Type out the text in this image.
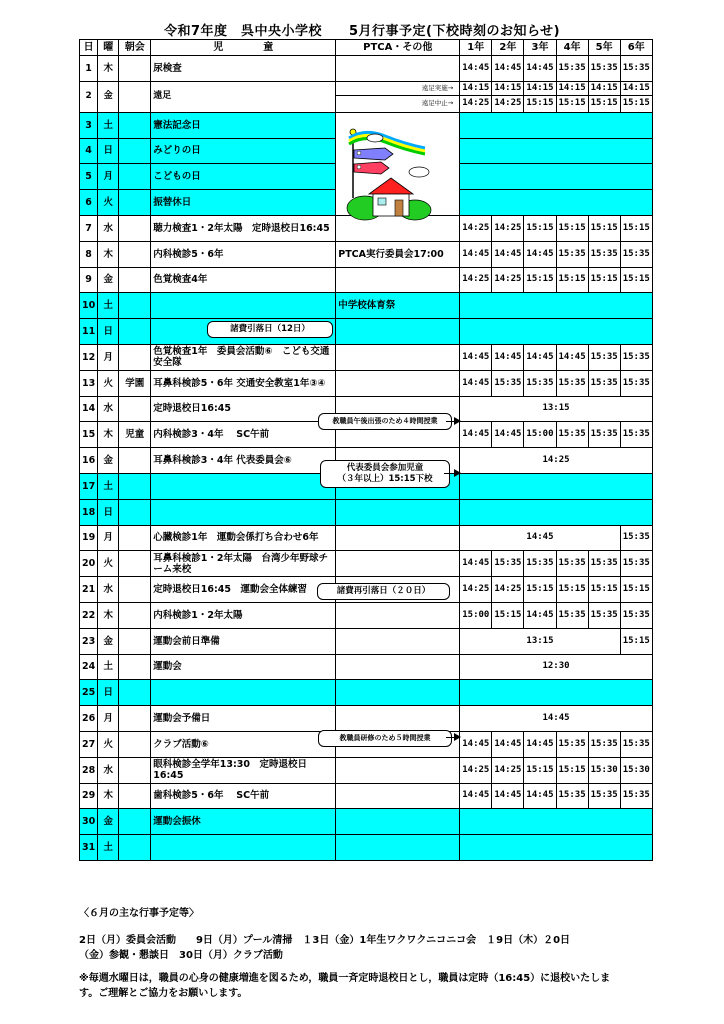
令和7年度　呉中央小学校　　5月行事予定(下校時刻のお知らせ)
日	曜	朝会	児　　　　童	PTCA・その他	1年	2年	3年	4年	5年	6年
1	木		尿検査		14:45	14:45	14:45	15:35	15:35	15:35
2	金		遠足	遠足実施→	14:15	14:15	14:15	14:15	14:15	14:15

				遠足中止→	14:25	14:25	15:15	15:15	15:15	15:15
3	土		憲法記念日							
4	日		みどりの日							
5	月		こどもの日							
6	火		振替休日							
7	水		聴力検査1・2年太陽　定時退校日16:45		14:25	14:25	15:15	15:15	15:15	15:15
8	木		内科検診5・6年	PTCA実行委員会17:00	14:45	14:45	14:45	15:35	15:35	15:35
9	金		色覚検査4年		14:25	14:25	15:15	15:15	15:15	15:15
10	土			中学校体育祭						
11	日									
12	月		色覚検査1年　委員会活動⑥　こども交通安全隊		14:45	14:45	14:45	14:45	15:35	15:35
13	火	学園	耳鼻科検診5・6年 交通安全教室1年③④		14:45	15:35	15:35	15:35	15:35	15:35
14	水		定時退校日16:45		13:15					
15	木	児童	内科検診3・4年　 SC午前		14:45	14:45	15:00	15:35	15:35	15:35
16	金		耳鼻科検診3・4年 代表委員会⑥		14:25					
17	土									
18	日									
19	月		心臓検診1年　運動会係打ち合わせ6年		14:45					15:35
20	火		耳鼻科検診1・2年太陽　台湾少年野球チーム来校		14:45	15:35	15:35	15:35	15:35	15:35
21	水		定時退校日16:45　運動会全体練習		14:25	14:25	15:15	15:15	15:15	15:15
22	木		内科検診1・2年太陽		15:00	15:15	14:45	15:35	15:35	15:35
23	金		運動会前日準備		13:15					15:15
24	土		運動会		12:30					
25	日									
26	月		運動会予備日		14:45					
27	火		クラブ活動⑥		14:45	14:45	14:45	15:35	15:35	15:35
28	水		眼科検診全学年13:30　定時退校日16:45		14:25	14:25	15:15	15:15	15:30	15:30
29	木		歯科検診5・6年　 SC午前		14:45	14:45	14:45	15:35	15:35	15:35
30	金		運動会振休							
31	土									
諸費引落日（12日）
教職員午後出張のため４時間授業
代表委員会参加児童
（３年以上）15:15下校
諸費再引落日（２０日）
教職員研修のため５時間授業

〈６月の主な行事予定等〉

2日（月）委員会活動　　9日（月）プール清掃　１3日（金）1年生ワクワクニコニコ会　１9日（木）２0日

（金）参観・懇談日　30日（月）クラブ活動

※毎週水曜日は，職員の心身の健康増進を図るため，職員一斉定時退校日とし，職員は定時（16:45）に退校いたしま

す。ご理解とご協力をお願いします。
